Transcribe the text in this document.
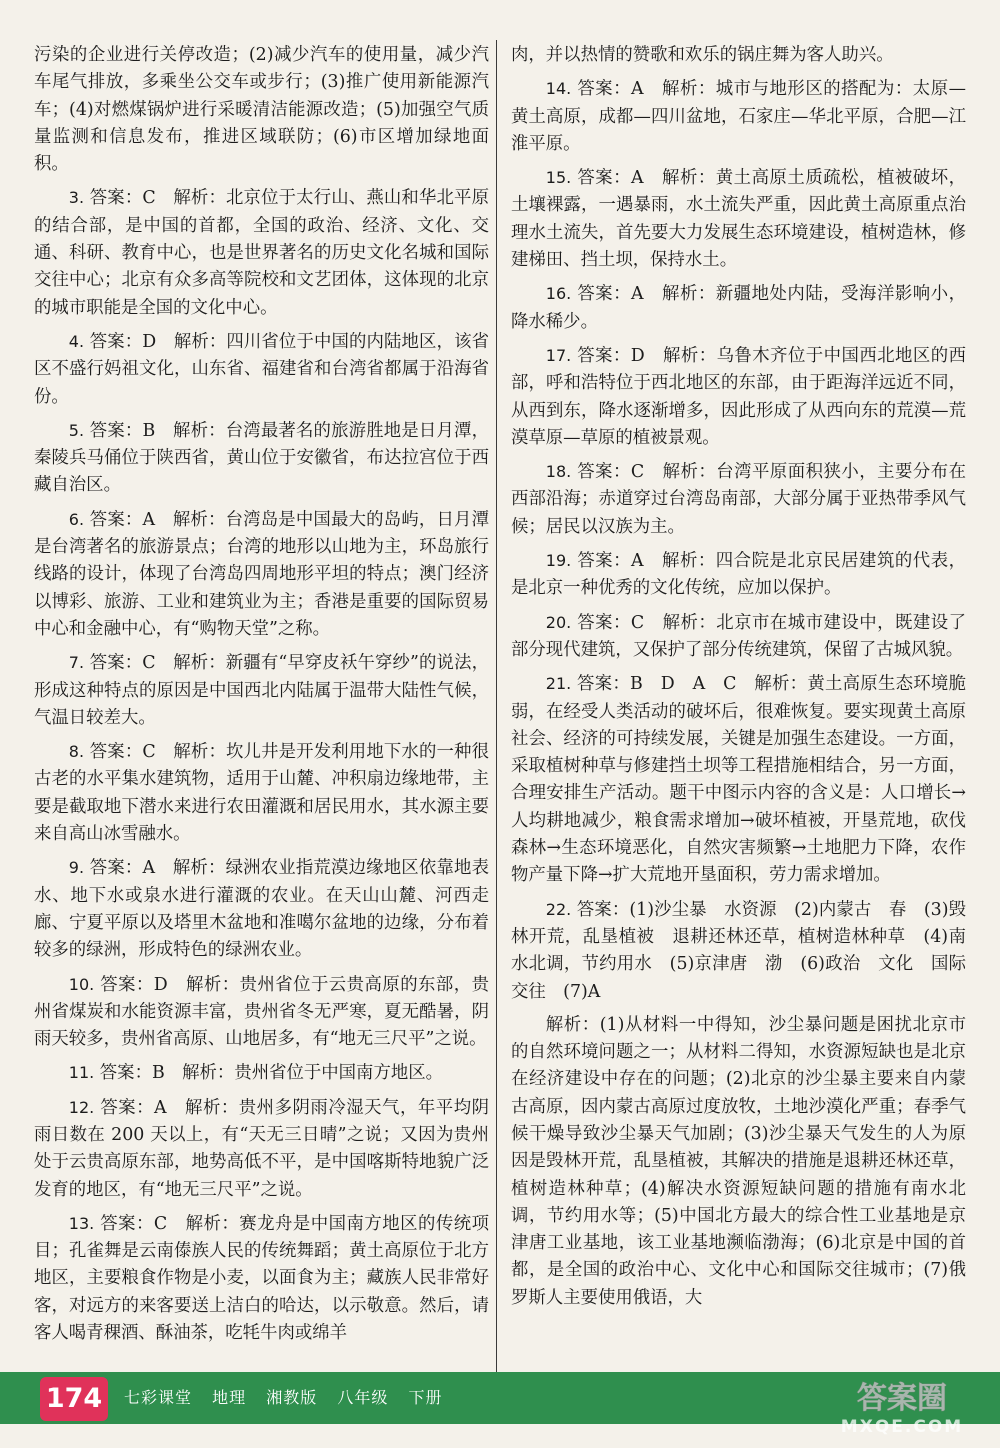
污染的企业进行关停改造；(2)减少汽车的使用量，减少汽车尾气排放，多乘坐公交车或步行；(3)推广使用新能源汽车；(4)对燃煤锅炉进行采暖清洁能源改造；(5)加强空气质量监测和信息发布，推进区域联防；(6)市区增加绿地面积。

3. 答案：C　 解析：北京位于太行山、燕山和华北平原的结合部，是中国的首都，全国的政治、经济、文化、交通、科研、教育中心，也是世界著名的历史文化名城和国际交往中心；北京有众多高等院校和文艺团体，这体现的北京的城市职能是全国的文化中心。

4. 答案：D　 解析：四川省位于中国的内陆地区，该省区不盛行妈祖文化，山东省、福建省和台湾省都属于沿海省份。

5. 答案：B　 解析：台湾最著名的旅游胜地是日月潭，秦陵兵马俑位于陕西省，黄山位于安徽省，布达拉宫位于西藏自治区。

6. 答案：A　 解析：台湾岛是中国最大的岛屿，日月潭是台湾著名的旅游景点；台湾的地形以山地为主，环岛旅行线路的设计，体现了台湾岛四周地形平坦的特点；澳门经济以博彩、旅游、工业和建筑业为主；香港是重要的国际贸易中心和金融中心，有“购物天堂”之称。

7. 答案：C　 解析：新疆有“早穿皮袄午穿纱”的说法，形成这种特点的原因是中国西北内陆属于温带大陆性气候，气温日较差大。

8. 答案：C　 解析：坎儿井是开发利用地下水的一种很古老的水平集水建筑物，适用于山麓、冲积扇边缘地带，主要是截取地下潜水来进行农田灌溉和居民用水，其水源主要来自高山冰雪融水。

9. 答案：A　 解析：绿洲农业指荒漠边缘地区依靠地表水、地下水或泉水进行灌溉的农业。在天山山麓、河西走廊、宁夏平原以及塔里木盆地和准噶尔盆地的边缘，分布着较多的绿洲，形成特色的绿洲农业。

10. 答案：D　 解析：贵州省位于云贵高原的东部，贵州省煤炭和水能资源丰富，贵州省冬无严寒，夏无酷暑，阴雨天较多，贵州省高原、山地居多，有“地无三尺平”之说。

11. 答案：B　 解析：贵州省位于中国南方地区。

12. 答案：A　 解析：贵州多阴雨冷湿天气，年平均阴雨日数在 200 天以上，有“天无三日晴”之说；又因为贵州处于云贵高原东部，地势高低不平，是中国喀斯特地貌广泛发育的地区，有“地无三尺平”之说。

13. 答案：C　 解析：赛龙舟是中国南方地区的传统项目；孔雀舞是云南傣族人民的传统舞蹈；黄土高原位于北方地区，主要粮食作物是小麦，以面食为主；藏族人民非常好客，对远方的来客要送上洁白的哈达，以示敬意。然后，请客人喝青稞酒、酥油茶，吃牦牛肉或绵羊

肉，并以热情的赞歌和欢乐的锅庄舞为客人助兴。

14. 答案：A　 解析：城市与地形区的搭配为：太原—黄土高原，成都—四川盆地，石家庄—华北平原，合肥—江淮平原。

15. 答案：A　 解析：黄土高原土质疏松，植被破坏，土壤裸露，一遇暴雨，水土流失严重，因此黄土高原重点治理水土流失，首先要大力发展生态环境建设，植树造林，修建梯田、挡土坝，保持水土。

16. 答案：A　 解析：新疆地处内陆，受海洋影响小，降水稀少。

17. 答案：D　 解析：乌鲁木齐位于中国西北地区的西部，呼和浩特位于西北地区的东部，由于距海洋远近不同，从西到东，降水逐渐增多，因此形成了从西向东的荒漠—荒漠草原—草原的植被景观。

18. 答案：C　 解析：台湾平原面积狭小，主要分布在西部沿海；赤道穿过台湾岛南部，大部分属于亚热带季风气候；居民以汉族为主。

19. 答案：A　 解析：四合院是北京民居建筑的代表，是北京一种优秀的文化传统，应加以保护。

20. 答案：C　 解析：北京市在城市建设中，既建设了部分现代建筑，又保护了部分传统建筑，保留了古城风貌。

21. 答案：B　D　A　C　 解析：黄土高原生态环境脆弱，在经受人类活动的破坏后，很难恢复。要实现黄土高原社会、经济的可持续发展，关键是加强生态建设。一方面，采取植树种草与修建挡土坝等工程措施相结合，另一方面，合理安排生产活动。题干中图示内容的含义是：人口增长→人均耕地减少，粮食需求增加→破坏植被，开垦荒地，砍伐森林→生态环境恶化，自然灾害频繁→土地肥力下降，农作物产量下降→扩大荒地开垦面积，劳力需求增加。

22. 答案：(1)沙尘暴　水资源　(2)内蒙古　春　(3)毁林开荒，乱垦植被　退耕还林还草，植树造林种草　(4)南水北调，节约用水　(5)京津唐　渤　(6)政治　文化　国际交往　(7)A

解析：(1)从材料一中得知，沙尘暴问题是困扰北京市的自然环境问题之一；从材料二得知，水资源短缺也是北京在经济建设中存在的问题；(2)北京的沙尘暴主要来自内蒙古高原，因内蒙古高原过度放牧，土地沙漠化严重；春季气候干燥导致沙尘暴天气加剧；(3)沙尘暴天气发生的人为原因是毁林开荒，乱垦植被，其解决的措施是退耕还林还草，植树造林种草；(4)解决水资源短缺问题的措施有南水北调，节约用水等；(5)中国北方最大的综合性工业基地是京津唐工业基地，该工业基地濒临渤海；(6)北京是中国的首都，是全国的政治中心、文化中心和国际交往城市；(7)俄罗斯人主要使用俄语，大

174	七彩课堂 地理 湘教版 八年级 下册	答案圈
MXQE.COM
